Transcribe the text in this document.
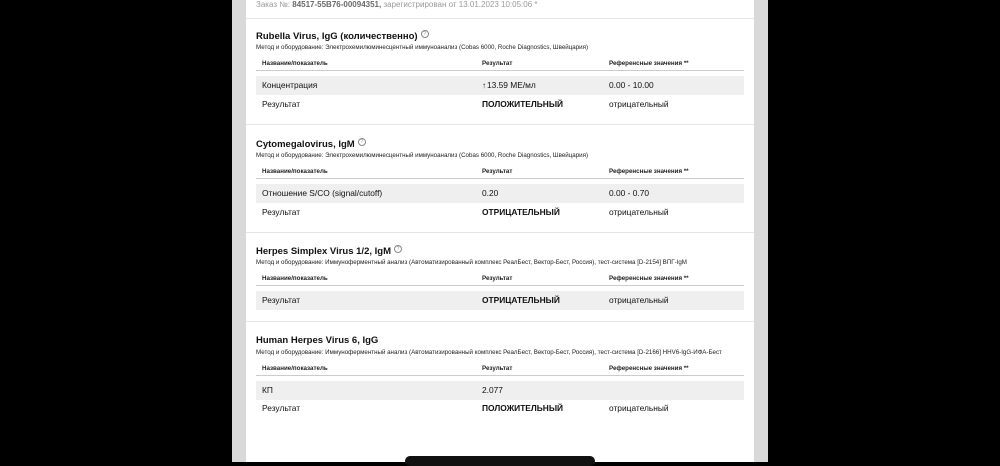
Заказ №: 84517-55B76-00094351, зарегистрирован от 13.01.2023 10:05:06 *
Rubella Virus, IgG (количественно) ?
Метод и оборудование: Электрохемилюминесцентный иммуноанализ (Cobas 6000, Roche Diagnostics, Швейцария)
Название/показатель	Результат	Референсные значения **
Концентрация	↑13.59 МЕ/мл	0.00 - 10.00
Результат	ПОЛОЖИТЕЛЬНЫЙ	отрицательный
Cytomegalovirus, IgM ?
Метод и оборудование: Электрохемилюминесцентный иммуноанализ (Cobas 6000, Roche Diagnostics, Швейцария)
Название/показатель	Результат	Референсные значения **
Отношение S/CO (signal/cutoff)	0.20	0.00 - 0.70
Результат	ОТРИЦАТЕЛЬНЫЙ	отрицательный
Herpes Simplex Virus 1/2, IgM ?
Метод и оборудование: Иммуноферментный анализ (Автоматизированный комплекс РеалБест, Вектор-Бест, Россия), тест-система [D-2154] ВПГ-IgM
Название/показатель	Результат	Референсные значения **
Результат	ОТРИЦАТЕЛЬНЫЙ	отрицательный
Human Herpes Virus 6, IgG
Метод и оборудование: Иммуноферментный анализ (Автоматизированный комплекс РеалБест, Вектор-Бест, Россия), тест-система [D-2166] HHV6-IgG-ИФА-Бест
Название/показатель	Результат	Референсные значения **
КП	2.077
Результат	ПОЛОЖИТЕЛЬНЫЙ	отрицательный
